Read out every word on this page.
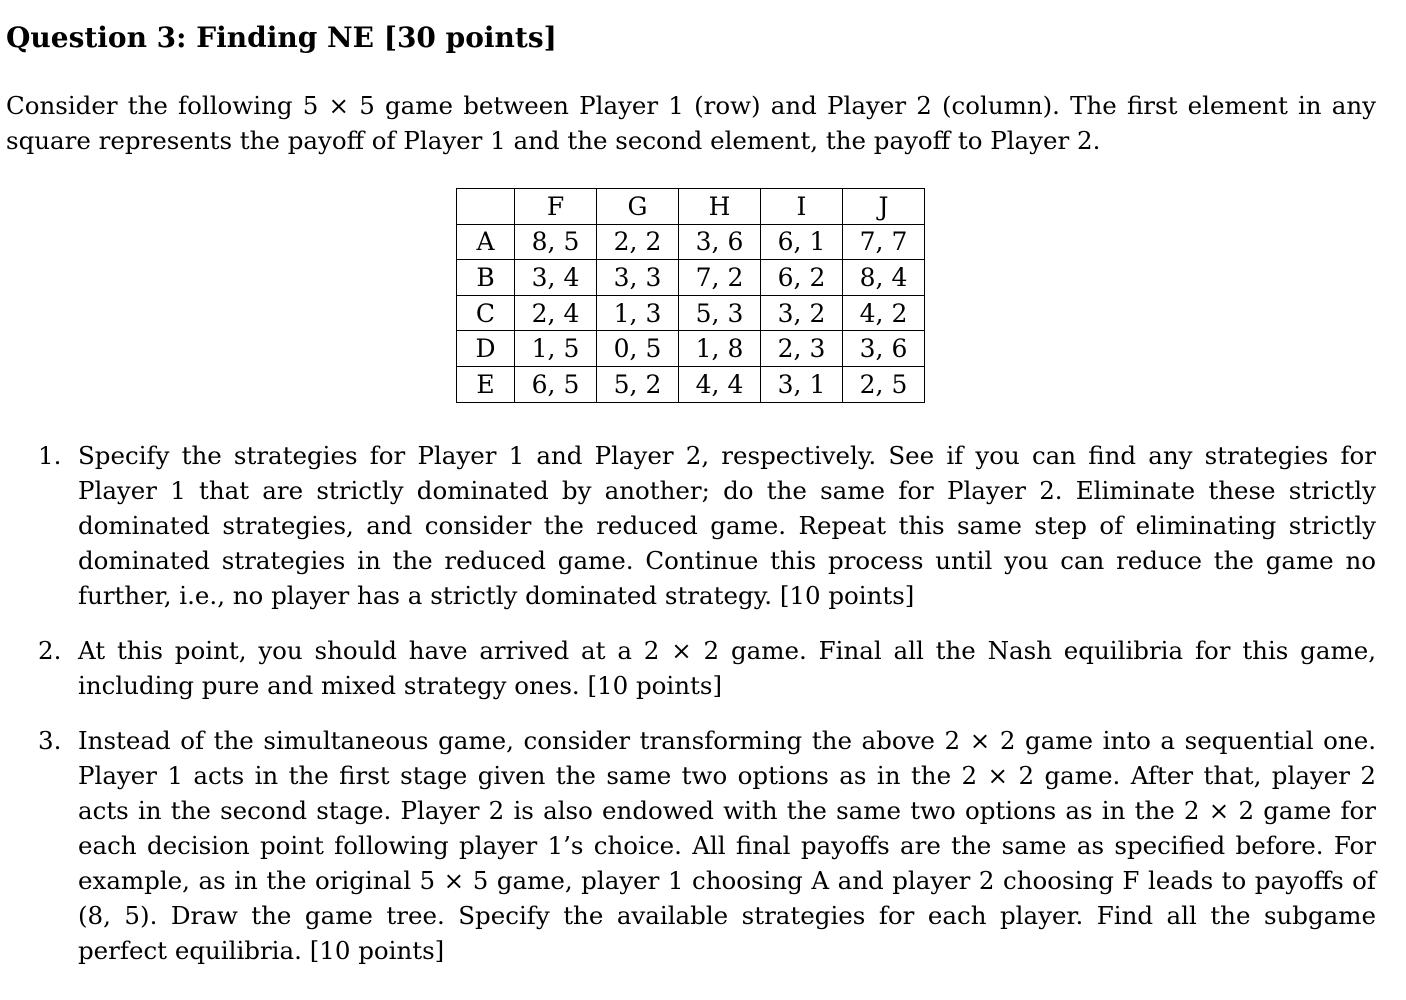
Question 3: Finding NE [30 points]
Consider the following 5 × 5 game between Player 1 (row) and Player 2 (column). The first element in any square represents the payoff of Player 1 and the second element, the payoff to Player 2.
	F	G	H	I	J
A	8, 5	2, 2	3, 6	6, 1	7, 7
B	3, 4	3, 3	7, 2	6, 2	8, 4
C	2, 4	1, 3	5, 3	3, 2	4, 2
D	1, 5	0, 5	1, 8	2, 3	3, 6
E	6, 5	5, 2	4, 4	3, 1	2, 5
1. Specify the strategies for Player 1 and Player 2, respectively. See if you can find any strategies for Player 1 that are strictly dominated by another; do the same for Player 2. Eliminate these strictly dominated strategies, and consider the reduced game. Repeat this same step of eliminating strictly dominated strategies in the reduced game. Continue this process until you can reduce the game no further, i.e., no player has a strictly dominated strategy. [10 points]
2. At this point, you should have arrived at a 2 × 2 game. Final all the Nash equilibria for this game, including pure and mixed strategy ones. [10 points]
3. Instead of the simultaneous game, consider transforming the above 2 × 2 game into a sequential one. Player 1 acts in the first stage given the same two options as in the 2 × 2 game. After that, player 2 acts in the second stage. Player 2 is also endowed with the same two options as in the 2 × 2 game for each decision point following player 1’s choice. All final payoffs are the same as specified before. For example, as in the original 5 × 5 game, player 1 choosing A and player 2 choosing F leads to payoffs of (8, 5). Draw the game tree. Specify the available strategies for each player. Find all the subgame perfect equilibria. [10 points]
